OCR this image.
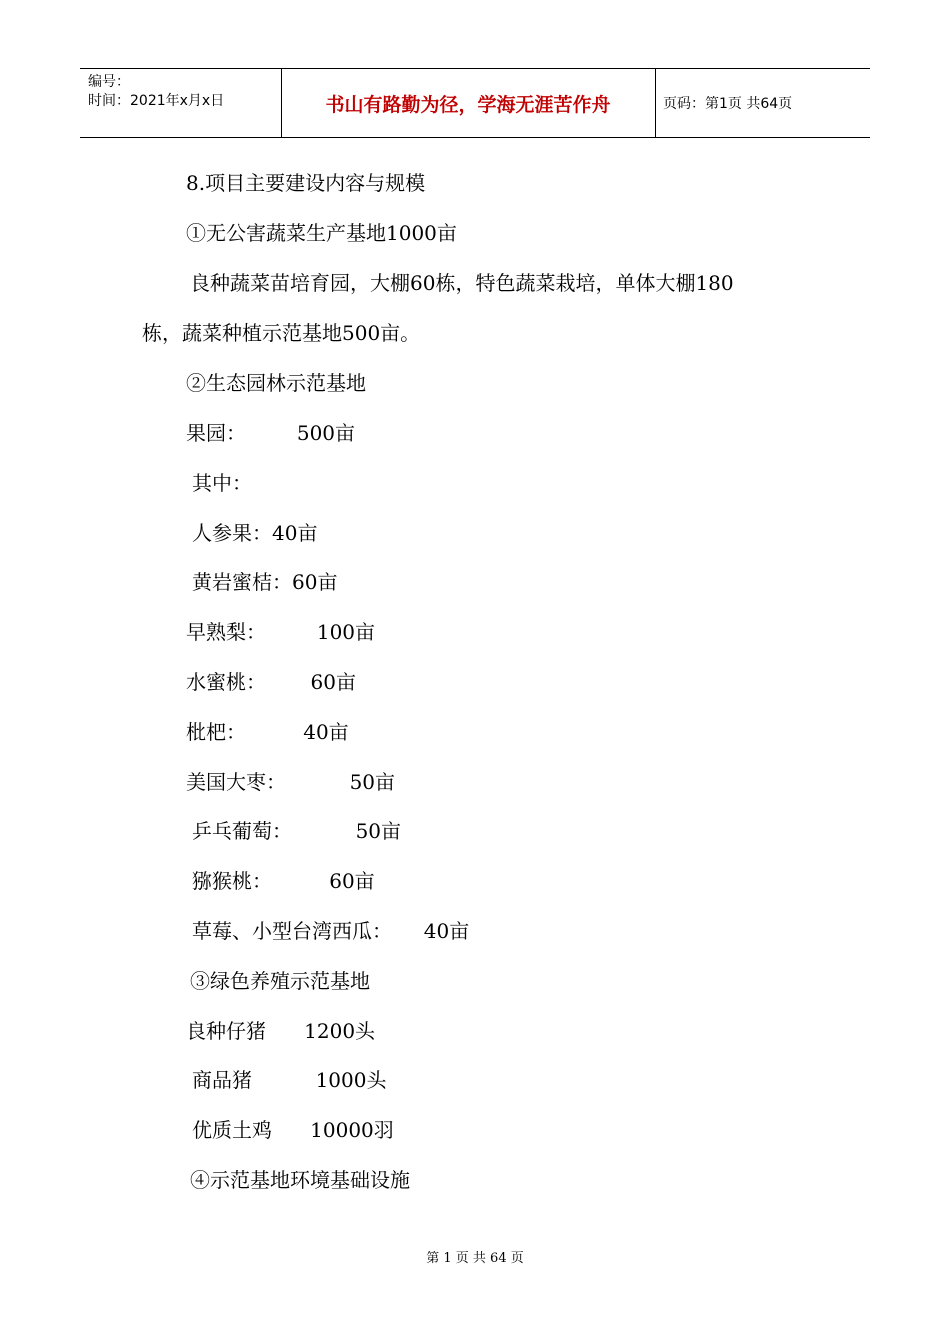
编号：
时间：2021年x月x日	书山有路勤为径，学海无涯苦作舟	页码：第1页 共64页
8.项目主要建设内容与规模
①无公害蔬菜生产基地1000亩
良种蔬菜苗培育园，大棚60栋，特色蔬菜栽培，单体大棚180
栋，蔬菜种植示范基地500亩。
②生态园林示范基地
果园：        500亩
其中：
人参果：40亩
黄岩蜜桔：60亩
早熟梨：        100亩
水蜜桃：       60亩
枇杷：         40亩
美国大枣：          50亩
乒乓葡萄：          50亩
猕猴桃：         60亩
草莓、小型台湾西瓜：     40亩
③绿色养殖示范基地
良种仔猪      1200头
商品猪          1000头
优质土鸡      10000羽
④示范基地环境基础设施
第 1 页 共 64 页
